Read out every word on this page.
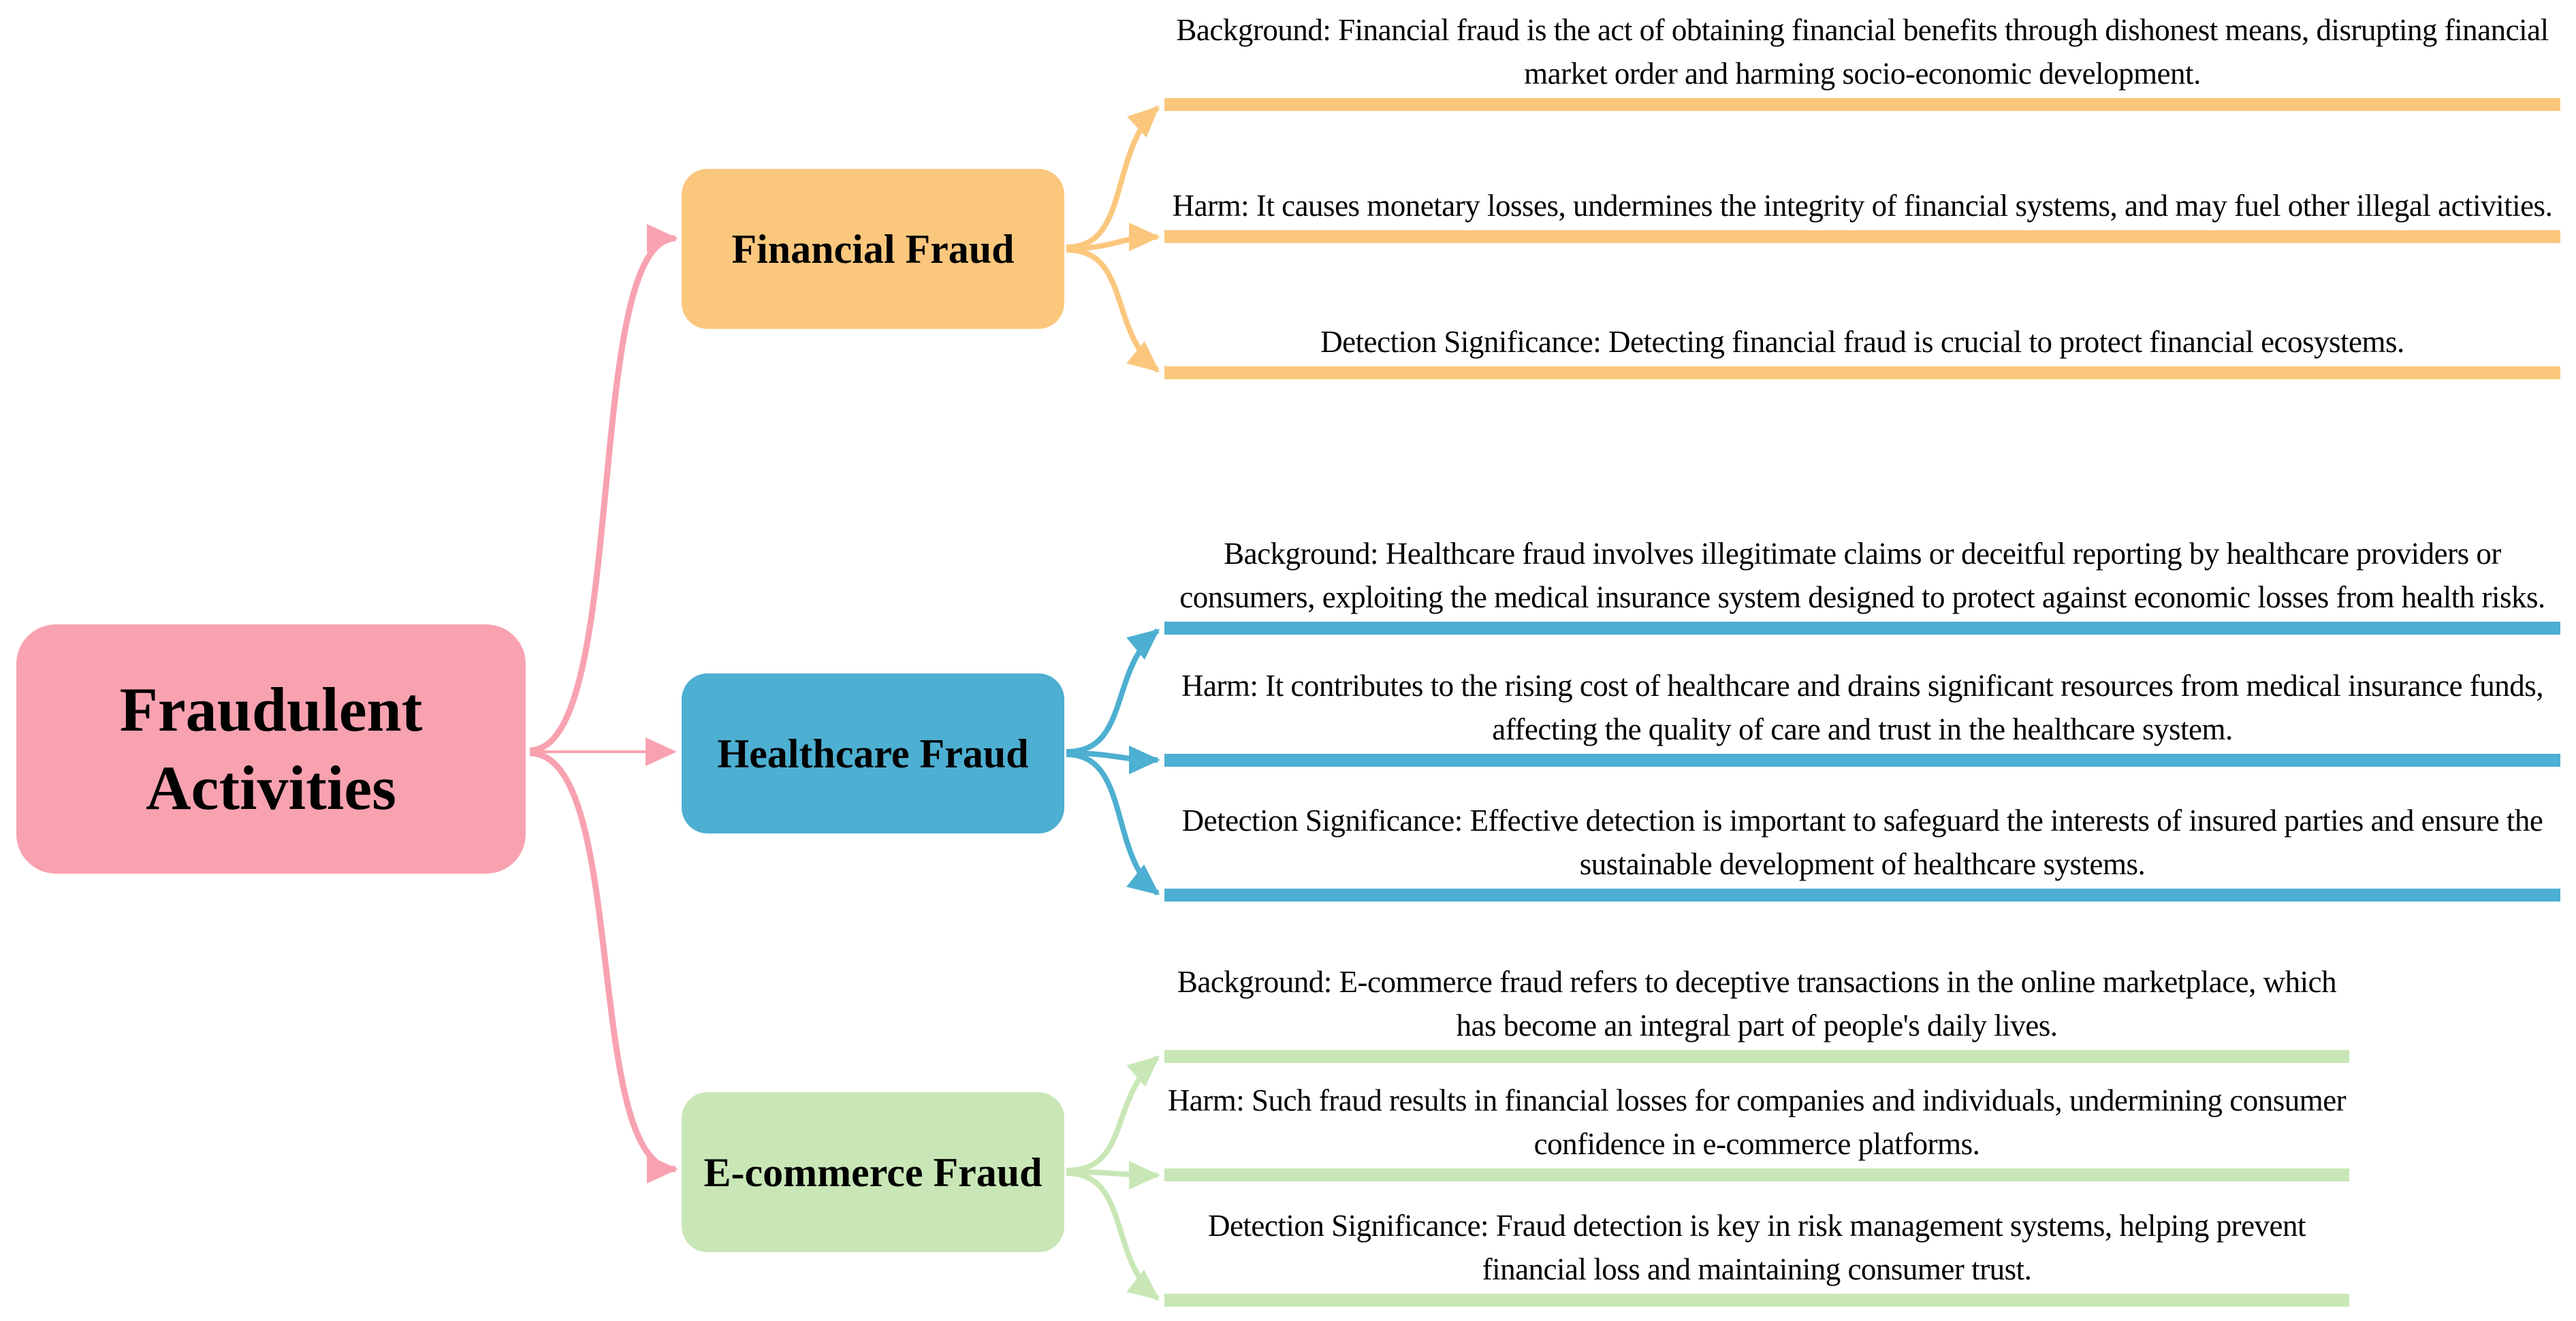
Fraudulent Activities
Financial Fraud
Healthcare Fraud
E-commerce Fraud
Background: Financial fraud is the act of obtaining financial benefits through dishonest means, disrupting financial market order and harming socio-economic development.
Harm: It causes monetary losses, undermines the integrity of financial systems, and may fuel other illegal activities.
Detection Significance: Detecting financial fraud is crucial to protect financial ecosystems.
Background: Healthcare fraud involves illegitimate claims or deceitful reporting by healthcare providers or consumers, exploiting the medical insurance system designed to protect against economic losses from health risks.
Harm: It contributes to the rising cost of healthcare and drains significant resources from medical insurance funds, affecting the quality of care and trust in the healthcare system.
Detection Significance: Effective detection is important to safeguard the interests of insured parties and ensure the sustainable development of healthcare systems.
Background: E-commerce fraud refers to deceptive transactions in the online marketplace, which has become an integral part of people's daily lives.
Harm: Such fraud results in financial losses for companies and individuals, undermining consumer confidence in e-commerce platforms.
Detection Significance: Fraud detection is key in risk management systems, helping prevent financial loss and maintaining consumer trust.
